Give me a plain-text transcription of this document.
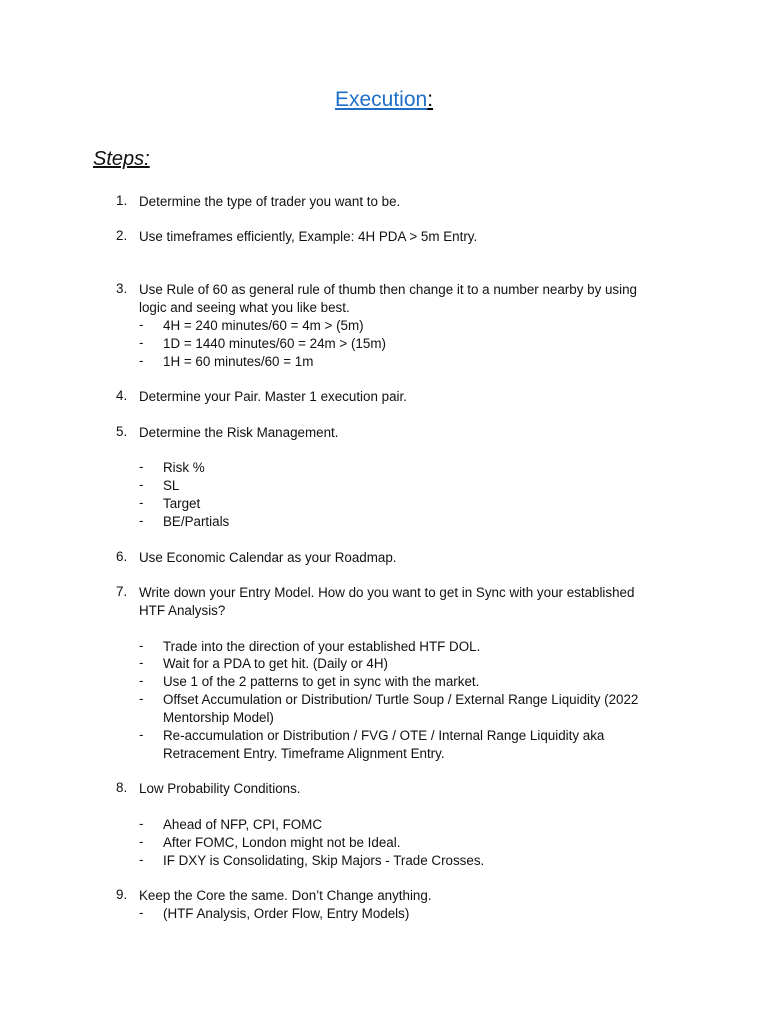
Execution:
Steps:
1. Determine the type of trader you want to be.
2. Use timeframes efficiently, Example: 4H PDA > 5m Entry.
3. Use Rule of 60 as general rule of thumb then change it to a number nearby by using
logic and seeing what you like best.
- 4H = 240 minutes/60 = 4m > (5m)
- 1D = 1440 minutes/60 = 24m > (15m)
- 1H = 60 minutes/60 = 1m
4. Determine your Pair. Master 1 execution pair.
5. Determine the Risk Management.
- Risk %
- SL
- Target
- BE/Partials
6. Use Economic Calendar as your Roadmap.
7. Write down your Entry Model. How do you want to get in Sync with your established
HTF Analysis?
- Trade into the direction of your established HTF DOL.
- Wait for a PDA to get hit. (Daily or 4H)
- Use 1 of the 2 patterns to get in sync with the market.
- Offset Accumulation or Distribution/ Turtle Soup / External Range Liquidity (2022
Mentorship Model)
- Re-accumulation or Distribution / FVG / OTE / Internal Range Liquidity aka
Retracement Entry. Timeframe Alignment Entry.
8. Low Probability Conditions.
- Ahead of NFP, CPI, FOMC
- After FOMC, London might not be Ideal.
- IF DXY is Consolidating, Skip Majors - Trade Crosses.
9. Keep the Core the same. Don’t Change anything.
- (HTF Analysis, Order Flow, Entry Models)
